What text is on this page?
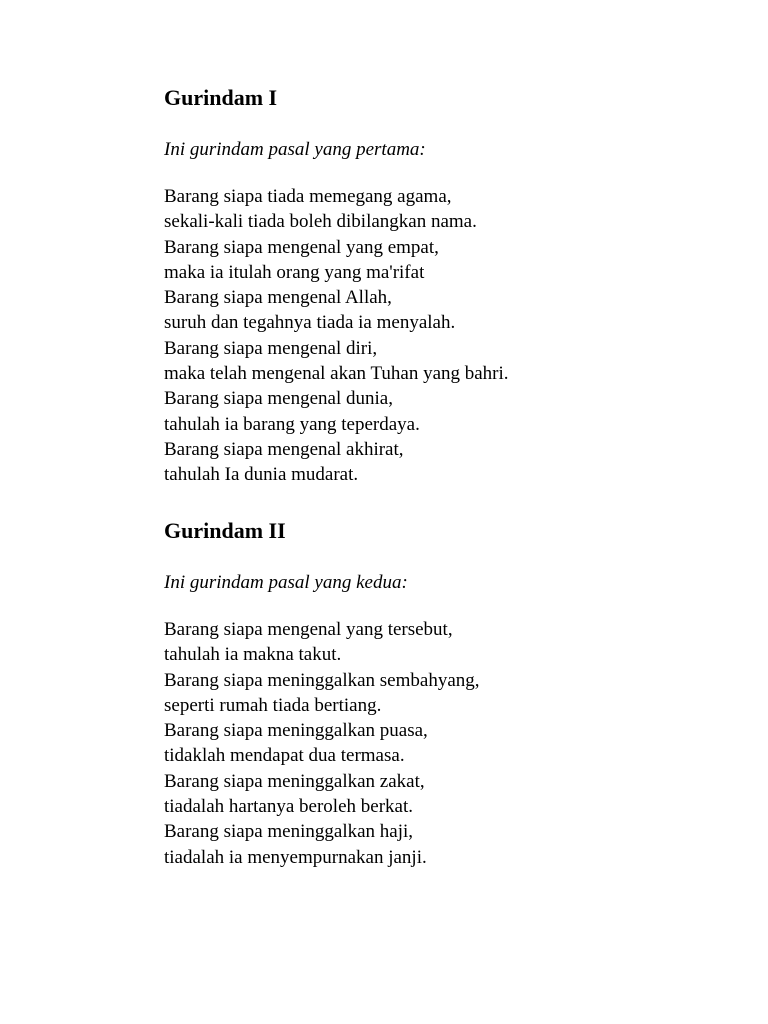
Gurindam I

Ini gurindam pasal yang pertama:

Barang siapa tiada memegang agama,
sekali-kali tiada boleh dibilangkan nama.
Barang siapa mengenal yang empat,
maka ia itulah orang yang ma'rifat
Barang siapa mengenal Allah,
suruh dan tegahnya tiada ia menyalah.
Barang siapa mengenal diri,
maka telah mengenal akan Tuhan yang bahri.
Barang siapa mengenal dunia,
tahulah ia barang yang teperdaya.
Barang siapa mengenal akhirat,
tahulah Ia dunia mudarat.
Gurindam II

Ini gurindam pasal yang kedua:

Barang siapa mengenal yang tersebut,
tahulah ia makna takut.
Barang siapa meninggalkan sembahyang,
seperti rumah tiada bertiang.
Barang siapa meninggalkan puasa,
tidaklah mendapat dua termasa.
Barang siapa meninggalkan zakat,
tiadalah hartanya beroleh berkat.
Barang siapa meninggalkan haji,
tiadalah ia menyempurnakan janji.
